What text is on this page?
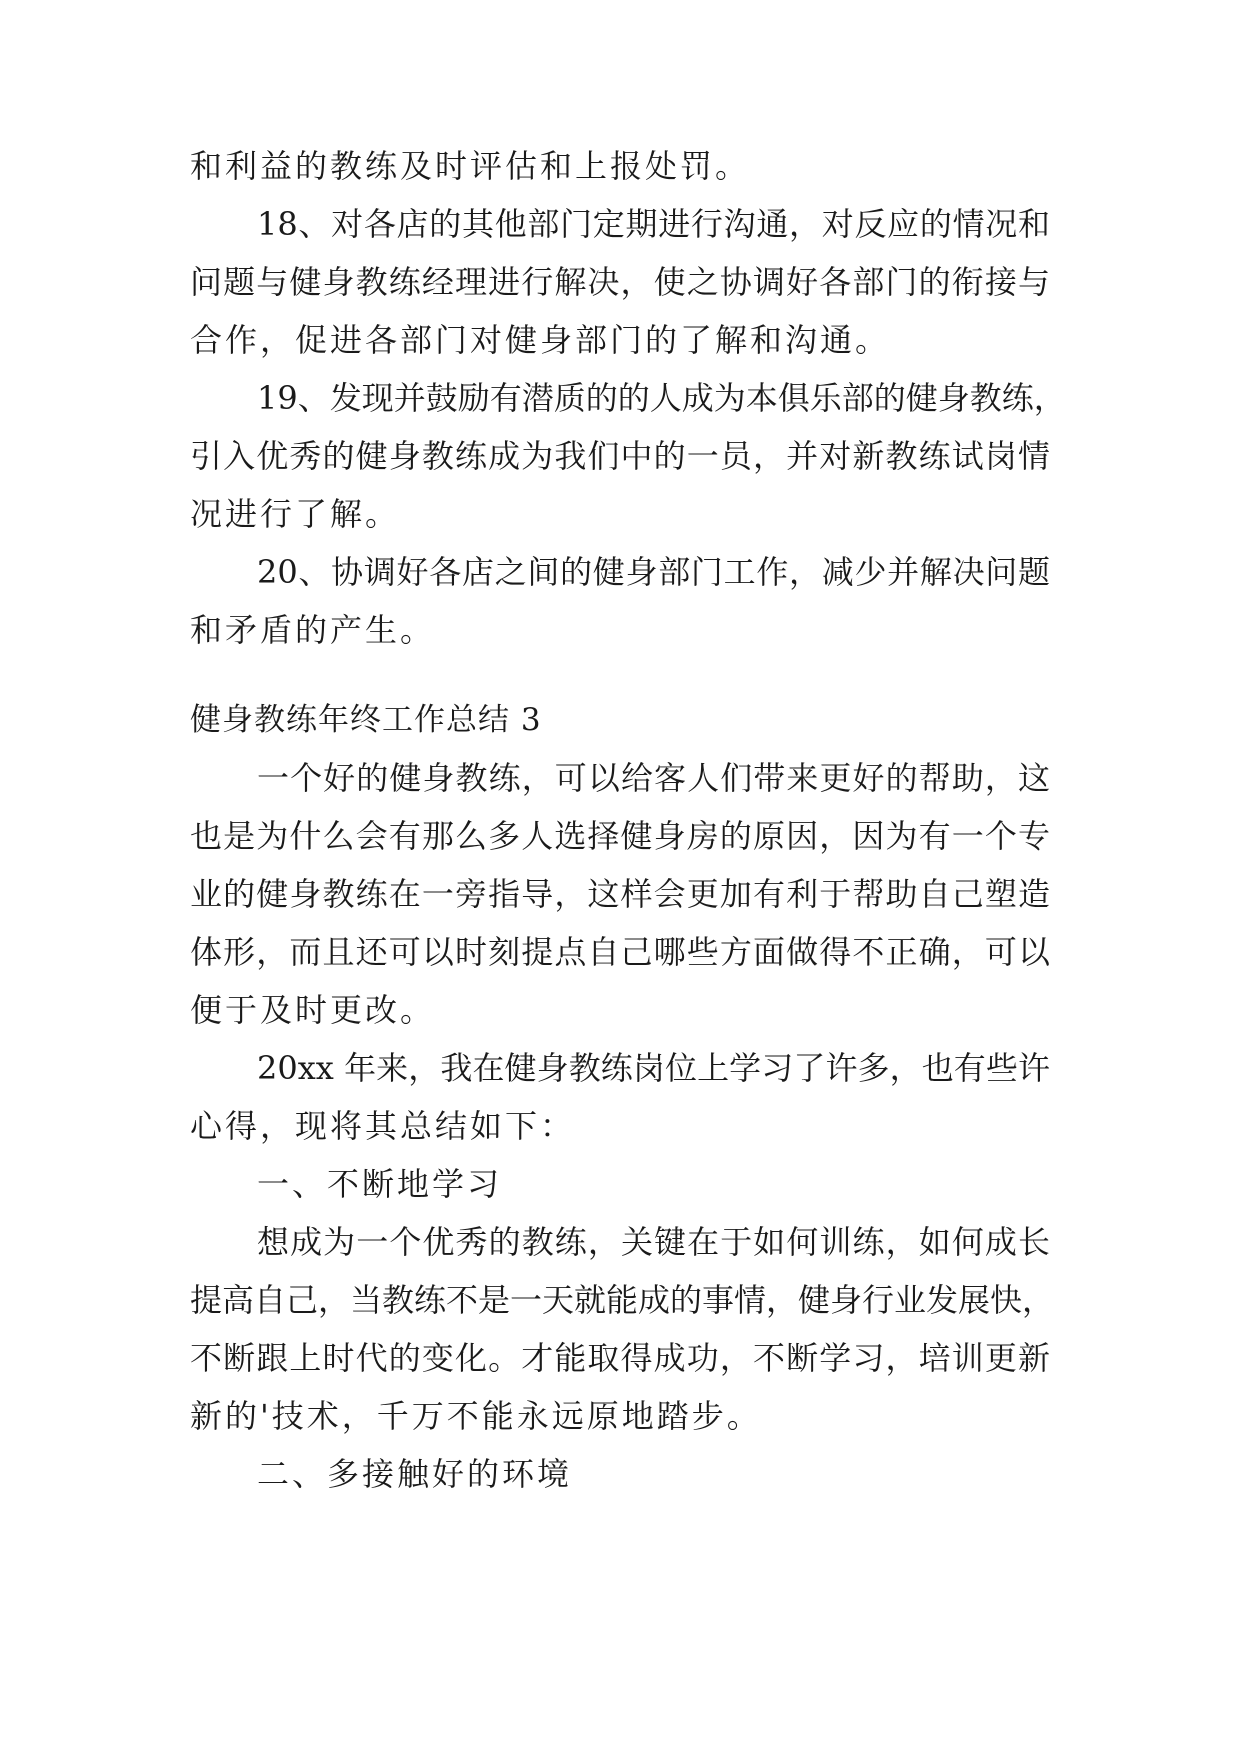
和利益的教练及时评估和上报处罚。
18、对各店的其他部门定期进行沟通，对反应的情况和
问题与健身教练经理进行解决，使之协调好各部门的衔接与
合作，促进各部门对健身部门的了解和沟通。
19、发现并鼓励有潜质的的人成为本俱乐部的健身教练，
引入优秀的健身教练成为我们中的一员，并对新教练试岗情
况进行了解。
20、协调好各店之间的健身部门工作，减少并解决问题
和矛盾的产生。
健身教练年终工作总结 3
一个好的健身教练，可以给客人们带来更好的帮助，这
也是为什么会有那么多人选择健身房的原因，因为有一个专
业的健身教练在一旁指导，这样会更加有利于帮助自己塑造
体形，而且还可以时刻提点自己哪些方面做得不正确，可以
便于及时更改。
20xx 年来，我在健身教练岗位上学习了许多，也有些许
心得，现将其总结如下：
一、不断地学习
想成为一个优秀的教练，关键在于如何训练，如何成长
提高自己，当教练不是一天就能成的事情，健身行业发展快，
不断跟上时代的变化。才能取得成功，不断学习，培训更新
新的'技术，千万不能永远原地踏步。
二、多接触好的环境
